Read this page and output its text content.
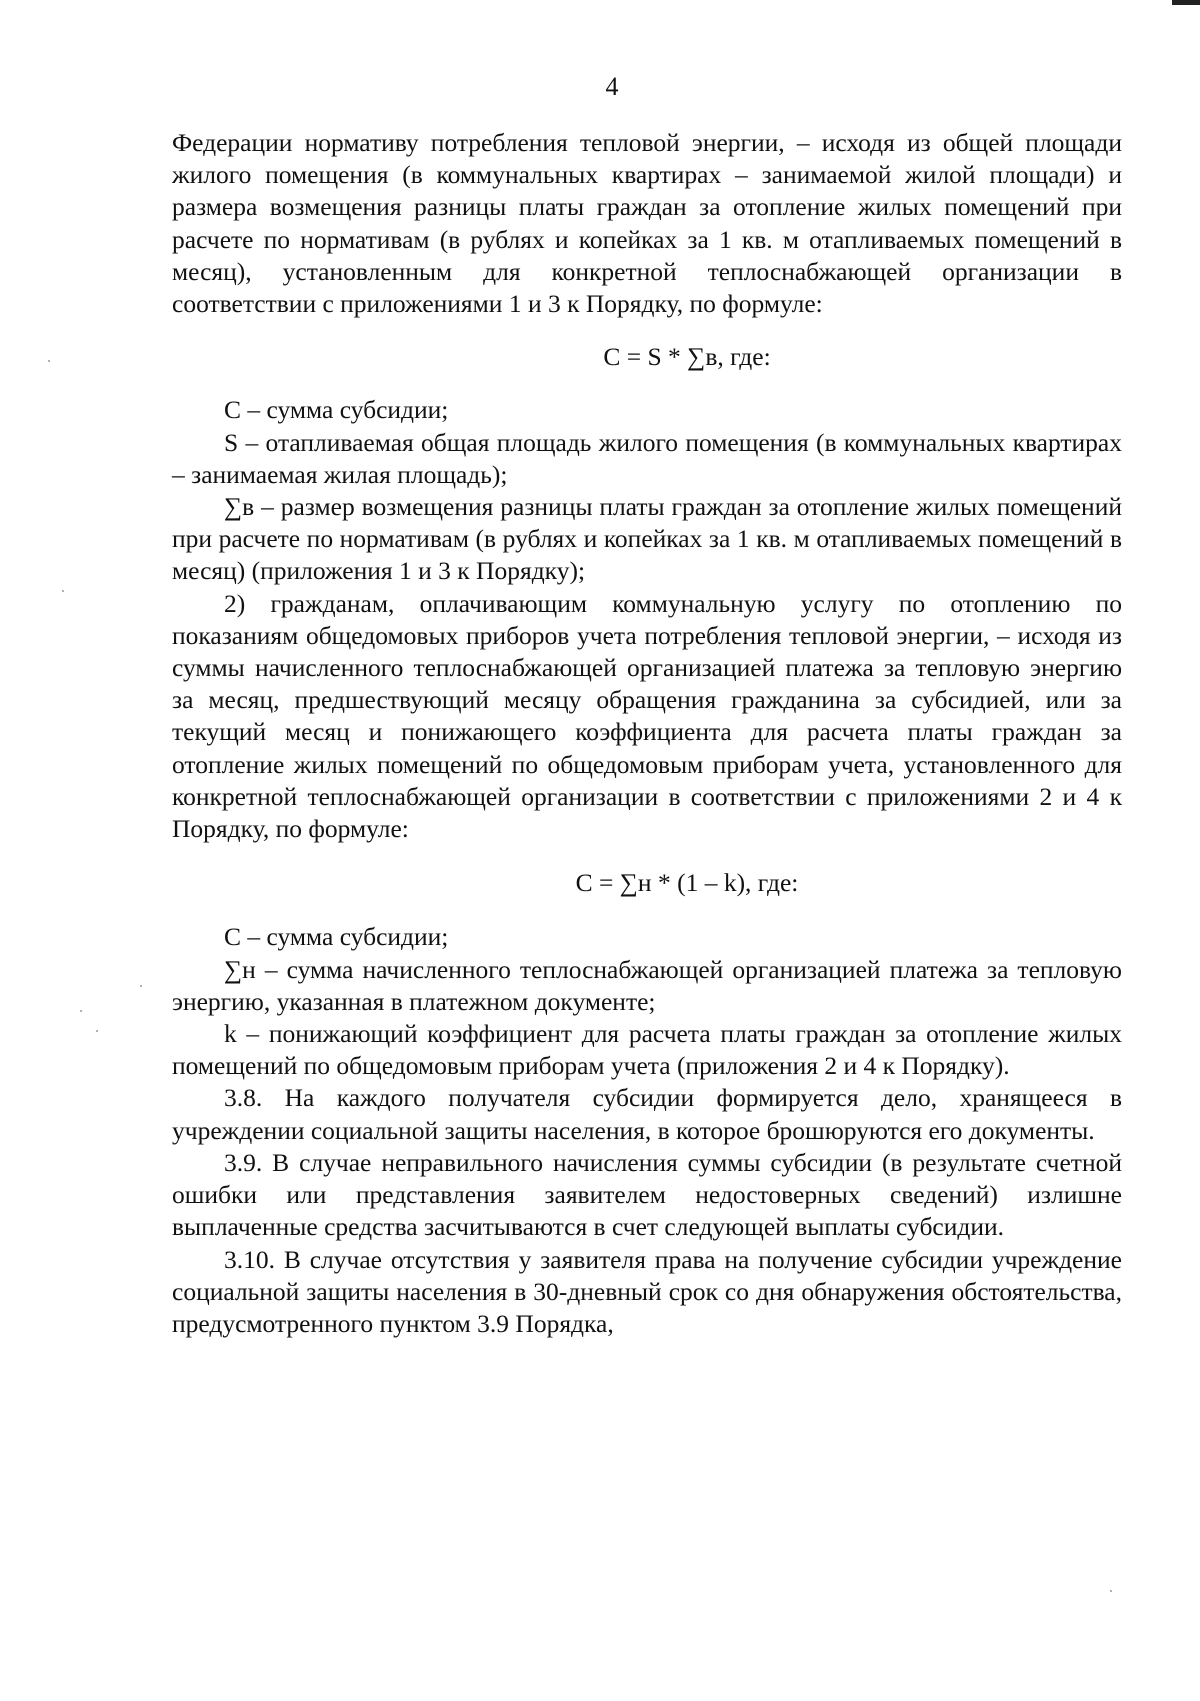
4

Федерации нормативу потребления тепловой энергии, – исходя из общей площади жилого помещения (в коммунальных квартирах – занимаемой жилой площади) и размера возмещения разницы платы граждан за отопление жилых помещений при расчете по нормативам (в рублях и копейках за 1 кв. м отапливаемых помещений в месяц), установленным для конкретной теплоснабжающей организации в соответствии с приложениями 1 и 3 к Порядку, по формуле:

C = S * ∑в, где:

С – сумма субсидии;

S – отапливаемая общая площадь жилого помещения (в коммунальных квартирах – занимаемая жилая площадь);

∑в – размер возмещения разницы платы граждан за отопление жилых помещений при расчете по нормативам (в рублях и копейках за 1 кв. м отапливаемых помещений в месяц) (приложения 1 и 3 к Порядку);

2) гражданам, оплачивающим коммунальную услугу по отоплению по показаниям общедомовых приборов учета потребления тепловой энергии, – исходя из суммы начисленного теплоснабжающей организацией платежа за тепловую энергию за месяц, предшествующий месяцу обращения гражданина за субсидией, или за текущий месяц и понижающего коэффициента для расчета платы граждан за отопление жилых помещений по общедомовым приборам учета, установленного для конкретной теплоснабжающей организации в соответствии с приложениями 2 и 4 к Порядку, по формуле:

C = ∑н * (1 – k), где:

С – сумма субсидии;

∑н – сумма начисленного теплоснабжающей организацией платежа за тепловую энергию, указанная в платежном документе;

k – понижающий коэффициент для расчета платы граждан за отопление жилых помещений по общедомовым приборам учета (приложения 2 и 4 к Порядку).

3.8. На каждого получателя субсидии формируется дело, хранящееся в учреждении социальной защиты населения, в которое брошюруются его документы.

3.9. В случае неправильного начисления суммы субсидии (в результате счетной ошибки или представления заявителем недостоверных сведений) излишне выплаченные средства засчитываются в счет следующей выплаты субсидии.

3.10. В случае отсутствия у заявителя права на получение субсидии учреждение социальной защиты населения в 30-дневный срок со дня обнаружения обстоятельства, предусмотренного пунктом 3.9 Порядка,
